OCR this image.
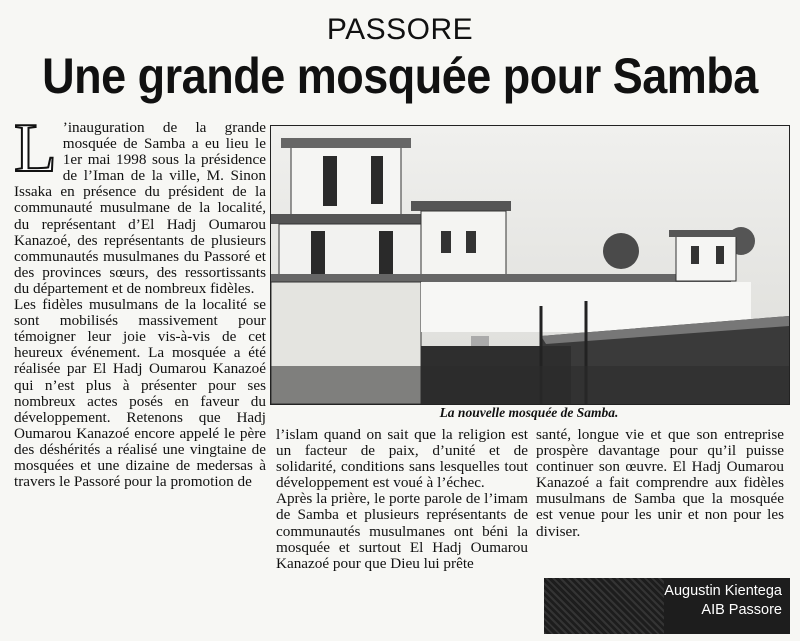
PASSORE
Une grande mosquée pour Samba
L ’inauguration de la grande mosquée de Samba a eu lieu le 1er mai 1998 sous la présidence de l’Iman de la ville, M. Sinon Issaka en présence du président de la communauté musulmane de la localité, du représentant d’El Hadj Oumarou Kanazoé, des représentants de plusieurs communautés musulmanes du Passoré et des provinces sœurs, des ressortissants du département et de nombreux fidèles.

Les fidèles musulmans de la localité se sont mobilisés massivement pour témoigner leur joie vis-à-vis de cet heureux événement. La mosquée a été réalisée par El Hadj Oumarou Kanazoé qui n’est plus à présenter pour ses nombreux actes posés en faveur du développement. Retenons que Hadj Oumarou Kanazoé encore appelé le père des déshérités a réalisé une vingtaine de mosquées et une dizaine de medersas à travers le Passoré pour la promotion de

La nouvelle mosquée de Samba.

l’islam quand on sait que la religion est un facteur de paix, d’unité et de solidarité, conditions sans lesquelles tout développement est voué à l’échec.

Après la prière, le porte parole de l’imam de Samba et plusieurs représentants de communautés musulmanes ont béni la mosquée et surtout El Hadj Oumarou Kanazoé pour que Dieu lui prête

santé, longue vie et que son entreprise prospère davantage pour qu’il puisse continuer son œuvre. El Hadj Oumarou Kanazoé a fait comprendre aux fidèles musulmans de Samba que la mosquée est venue pour les unir et non pour les diviser.

Augustin Kientega
AIB Passore
